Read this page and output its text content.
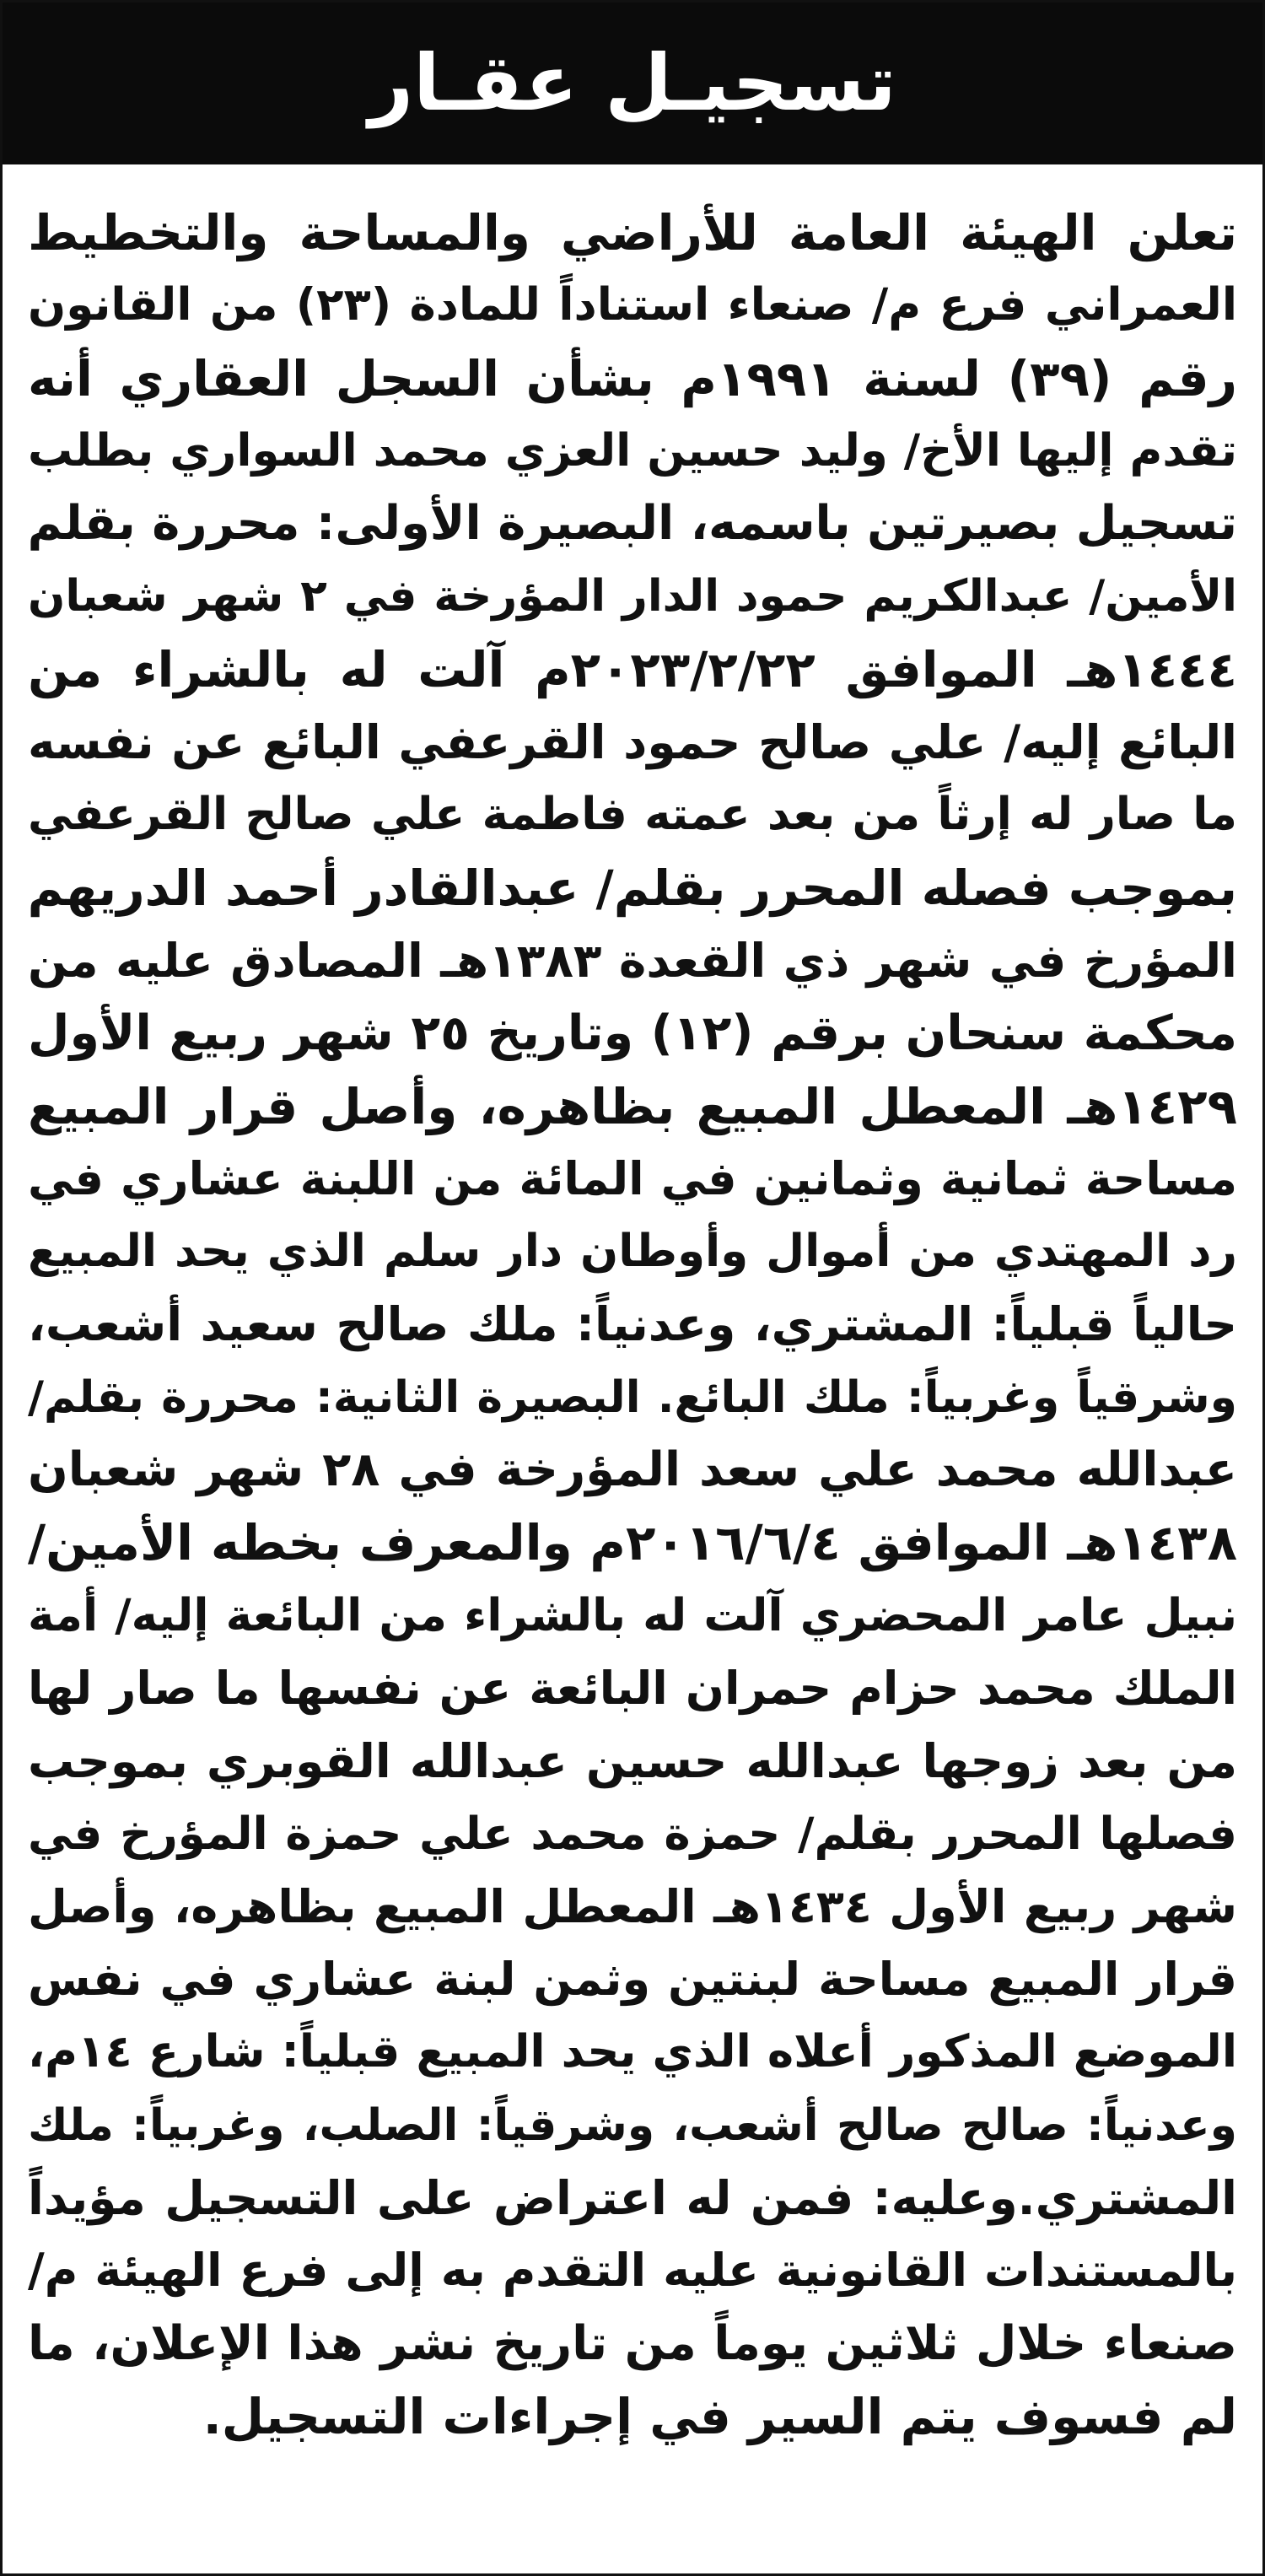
تسجيـل عقـار
تعلن الهيئة العامة للأراضي والمساحة والتخطيط
العمراني فرع م/ صنعاء استناداً للمادة (٢٣) من القانون
رقم (٣٩) لسنة ١٩٩١م بشأن السجل العقاري أنه
تقدم إليها الأخ/ وليد حسين العزي محمد السواري بطلب
تسجيل بصيرتين باسمه، البصيرة الأولى: محررة بقلم
الأمين/ عبدالكريم حمود الدار المؤرخة في ٢ شهر شعبان
١٤٤٤هـ الموافق ٢٠٢٣/٢/٢٢م آلت له بالشراء من
البائع إليه/ علي صالح حمود القرعفي البائع عن نفسه
ما صار له إرثاً من بعد عمته فاطمة علي صالح القرعفي
بموجب فصله المحرر بقلم/ عبدالقادر أحمد الدريهم
المؤرخ في شهر ذي القعدة ١٣٨٣هـ المصادق عليه من
محكمة سنحان برقم (١٢) وتاريخ ٢٥ شهر ربيع الأول
١٤٢٩هـ المعطل المبيع بظاهره، وأصل قرار المبيع
مساحة ثمانية وثمانين في المائة من اللبنة عشاري في
رد المهتدي من أموال وأوطان دار سلم الذي يحد المبيع
حالياً قبلياً: المشتري، وعدنياً: ملك صالح سعيد أشعب،
وشرقياً وغربياً: ملك البائع. البصيرة الثانية: محررة بقلم/
عبدالله محمد علي سعد المؤرخة في ٢٨ شهر شعبان
١٤٣٨هـ الموافق ٢٠١٦/٦/٤م والمعرف بخطه الأمين/
نبيل عامر المحضري آلت له بالشراء من البائعة إليه/ أمة
الملك محمد حزام حمران البائعة عن نفسها ما صار لها
من بعد زوجها عبدالله حسين عبدالله القوبري بموجب
فصلها المحرر بقلم/ حمزة محمد علي حمزة المؤرخ في
شهر ربيع الأول ١٤٣٤هـ المعطل المبيع بظاهره، وأصل
قرار المبيع مساحة لبنتين وثمن لبنة عشاري في نفس
الموضع المذكور أعلاه الذي يحد المبيع قبلياً: شارع ١٤م،
وعدنياً: صالح صالح أشعب، وشرقياً: الصلب، وغربياً: ملك
المشتري.وعليه: فمن له اعتراض على التسجيل مؤيداً
بالمستندات القانونية عليه التقدم به إلى فرع الهيئة م/
صنعاء خلال ثلاثين يوماً من تاريخ نشر هذا الإعلان، ما
لم فسوف يتم السير في إجراءات التسجيل.
